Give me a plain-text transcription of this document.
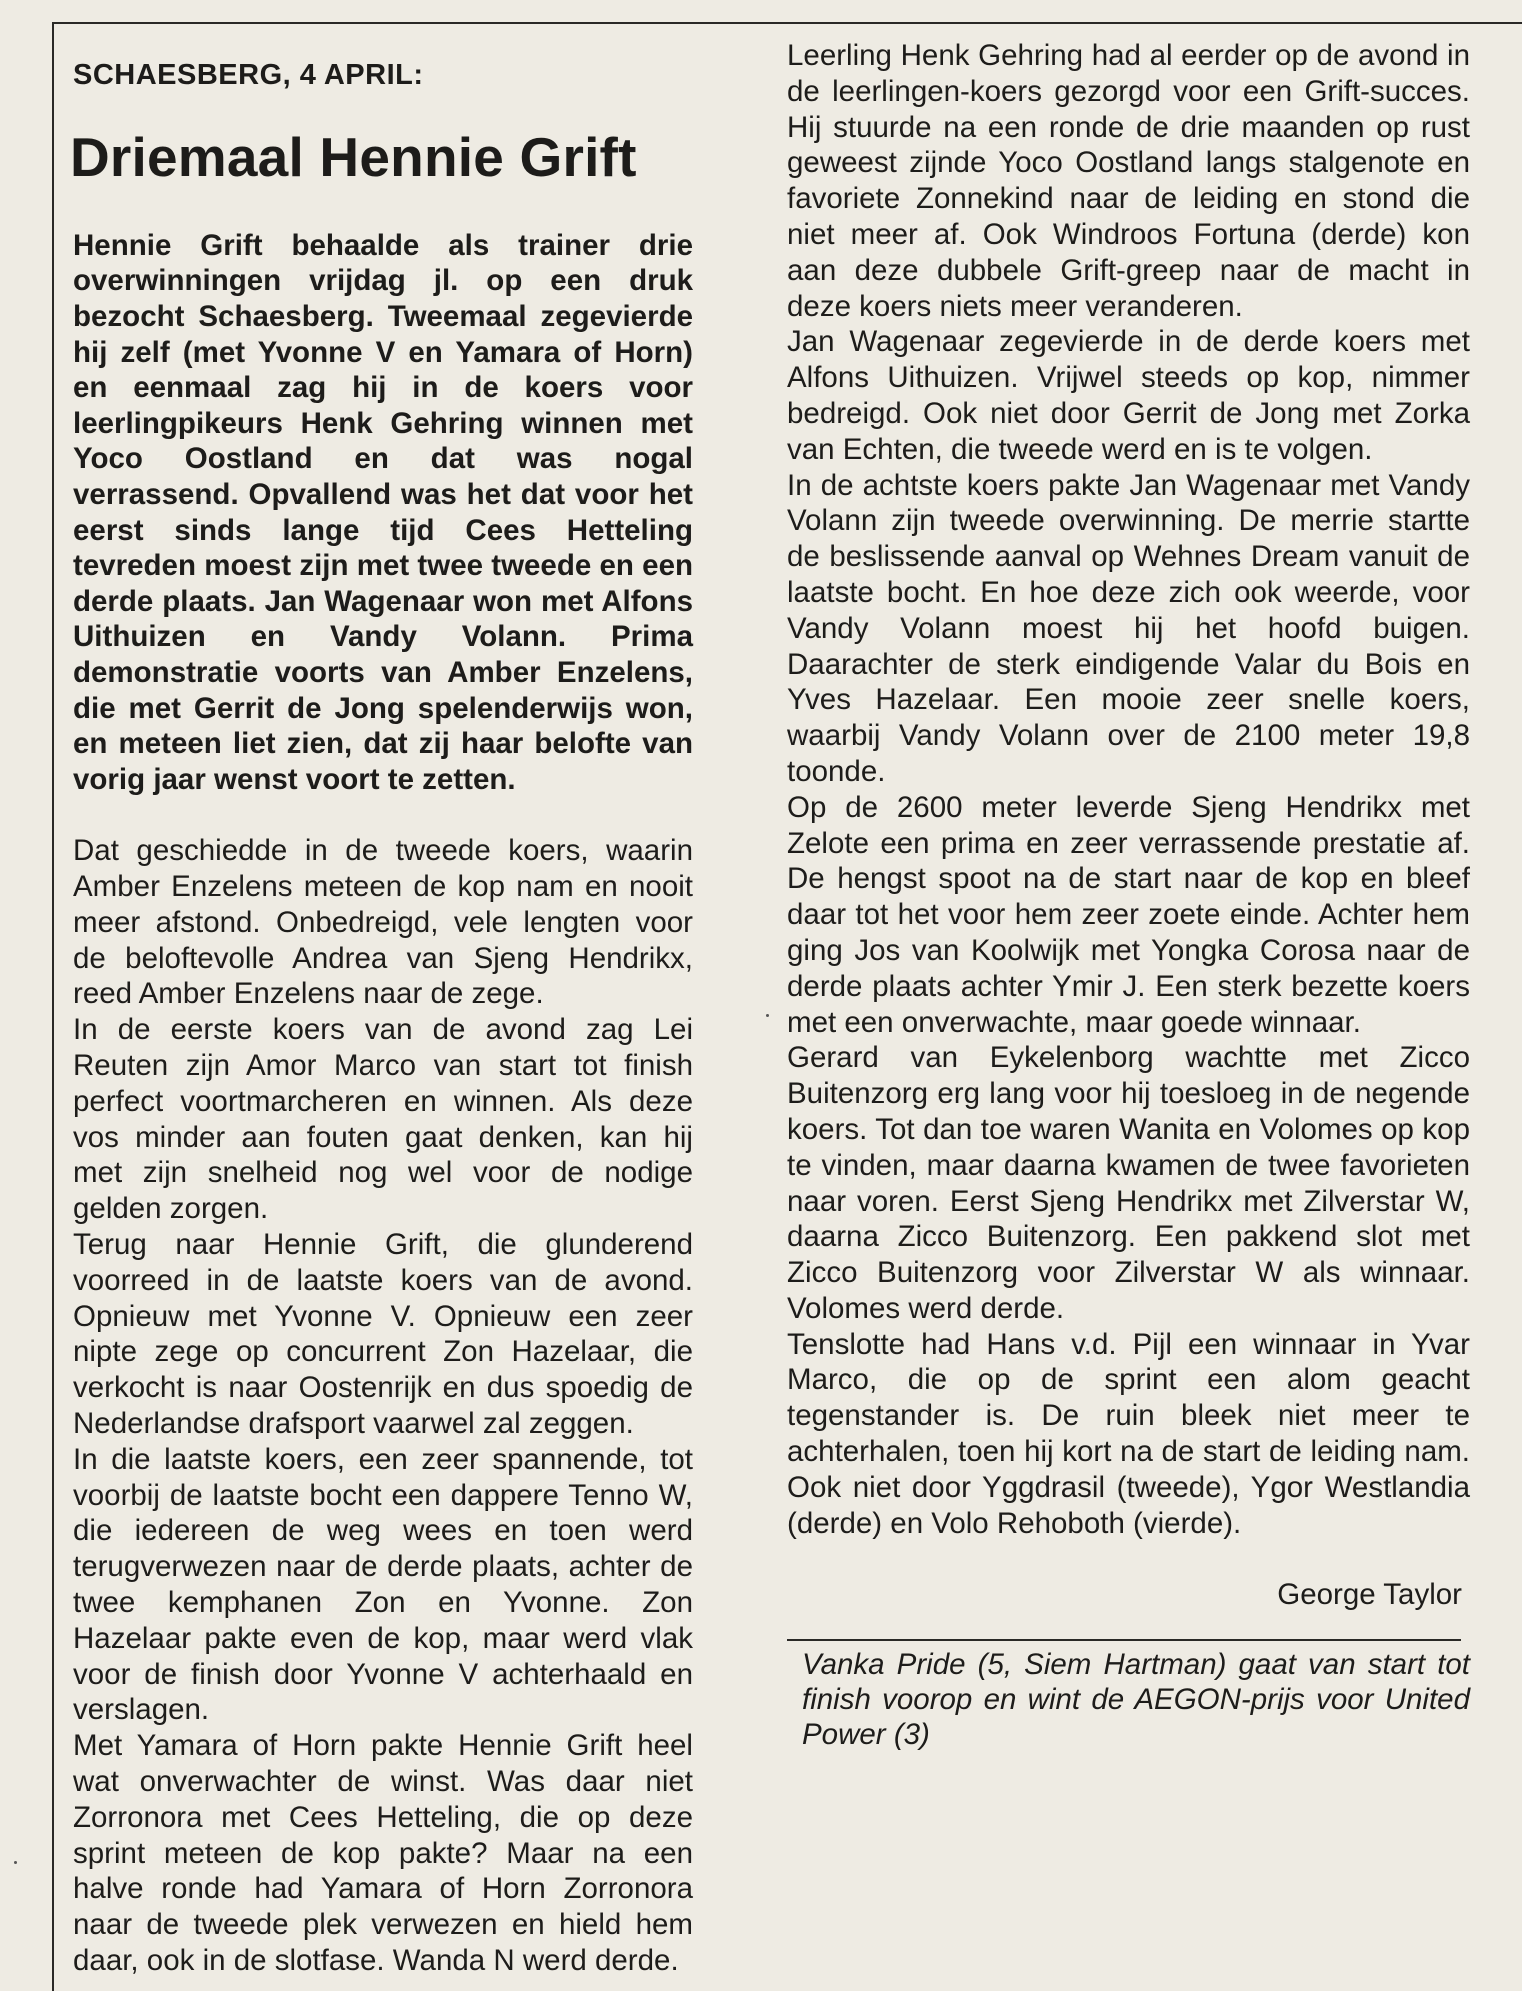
SCHAESBERG, 4 APRIL:
Driemaal Hennie Grift

Hennie Grift behaalde als trainer drie overwinningen vrijdag jl. op een druk bezocht Schaesberg. Tweemaal zegevierde hij zelf (met Yvonne V en Yamara of Horn) en eenmaal zag hij in de koers voor leerlingpikeurs Henk Gehring winnen met Yoco Oostland en dat was nogal verrassend. Opvallend was het dat voor het eerst sinds lange tijd Cees Hetteling tevreden moest zijn met twee tweede en een derde plaats. Jan Wagenaar won met Alfons Uithuizen en Vandy Volann. Prima demonstratie voorts van Amber Enzelens, die met Gerrit de Jong spelenderwijs won, en meteen liet zien, dat zij haar belofte van vorig jaar wenst voort te zetten.

Dat geschiedde in de tweede koers, waarin Amber Enzelens meteen de kop nam en nooit meer afstond. Onbedreigd, vele lengten voor de beloftevolle Andrea van Sjeng Hendrikx, reed Amber Enzelens naar de zege.

In de eerste koers van de avond zag Lei Reuten zijn Amor Marco van start tot finish perfect voortmarcheren en winnen. Als deze vos minder aan fouten gaat denken, kan hij met zijn snelheid nog wel voor de nodige gelden zorgen.

Terug naar Hennie Grift, die glunderend voorreed in de laatste koers van de avond. Opnieuw met Yvonne V. Opnieuw een zeer nipte zege op concurrent Zon Hazelaar, die verkocht is naar Oostenrijk en dus spoedig de Nederlandse drafsport vaarwel zal zeggen.

In die laatste koers, een zeer spannende, tot voorbij de laatste bocht een dappere Tenno W, die iedereen de weg wees en toen werd terugverwezen naar de derde plaats, achter de twee kemphanen Zon en Yvonne. Zon Hazelaar pakte even de kop, maar werd vlak voor de finish door Yvonne V achterhaald en verslagen.

Met Yamara of Horn pakte Hennie Grift heel wat onverwachter de winst. Was daar niet Zorronora met Cees Hetteling, die op deze sprint meteen de kop pakte? Maar na een halve ronde had Yamara of Horn Zorronora naar de tweede plek verwezen en hield hem daar, ook in de slotfase. Wanda N werd derde.

Leerling Henk Gehring had al eerder op de avond in de leerlingen-koers gezorgd voor een Grift-succes. Hij stuurde na een ronde de drie maanden op rust geweest zijnde Yoco Oostland langs stalgenote en favoriete Zonnekind naar de leiding en stond die niet meer af. Ook Windroos Fortuna (derde) kon aan deze dubbele Grift-greep naar de macht in deze koers niets meer veranderen.

Jan Wagenaar zegevierde in de derde koers met Alfons Uithuizen. Vrijwel steeds op kop, nimmer bedreigd. Ook niet door Gerrit de Jong met Zorka van Echten, die tweede werd en is te volgen.

In de achtste koers pakte Jan Wagenaar met Vandy Volann zijn tweede overwinning. De merrie startte de beslissende aanval op Wehnes Dream vanuit de laatste bocht. En hoe deze zich ook weerde, voor Vandy Volann moest hij het hoofd buigen. Daarachter de sterk eindigende Valar du Bois en Yves Hazelaar. Een mooie zeer snelle koers, waarbij Vandy Volann over de 2100 meter 19,8 toonde.

Op de 2600 meter leverde Sjeng Hendrikx met Zelote een prima en zeer verrassende prestatie af. De hengst spoot na de start naar de kop en bleef daar tot het voor hem zeer zoete einde. Achter hem ging Jos van Koolwijk met Yongka Corosa naar de derde plaats achter Ymir J. Een sterk bezette koers met een onverwachte, maar goede winnaar.

Gerard van Eykelenborg wachtte met Zicco Buitenzorg erg lang voor hij toesloeg in de negende koers. Tot dan toe waren Wanita en Volomes op kop te vinden, maar daarna kwamen de twee favorieten naar voren. Eerst Sjeng Hendrikx met Zilverstar W, daarna Zicco Buitenzorg. Een pakkend slot met Zicco Buitenzorg voor Zilverstar W als winnaar. Volomes werd derde.

Tenslotte had Hans v.d. Pijl een winnaar in Yvar Marco, die op de sprint een alom geacht tegenstander is. De ruin bleek niet meer te achterhalen, toen hij kort na de start de leiding nam. Ook niet door Yggdrasil (tweede), Ygor Westlandia (derde) en Volo Rehoboth (vierde).

George Taylor
Vanka Pride (5, Siem Hartman) gaat van start tot finish voorop en wint de AEGON-prijs voor United Power (3)
